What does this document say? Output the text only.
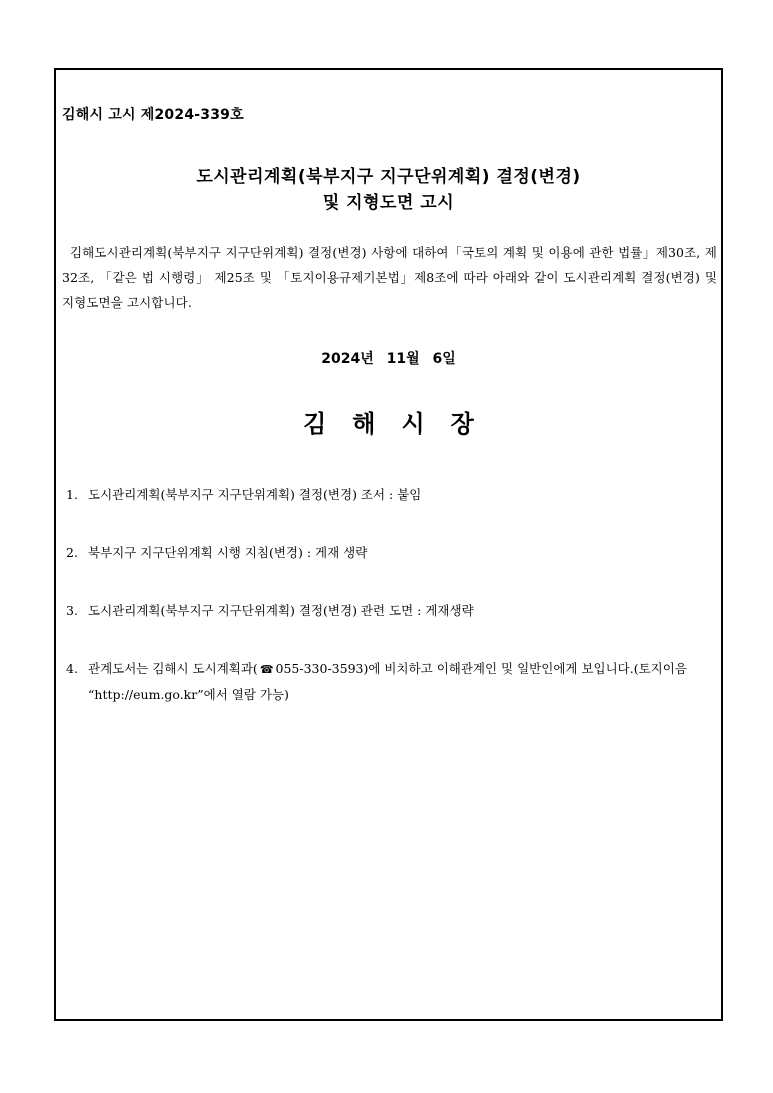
김해시 고시 제2024-339호
도시관리계획(북부지구 지구단위계획) 결정(변경)
및 지형도면 고시
김해도시관리계획(북부지구 지구단위계획) 결정(변경) 사항에 대하여「국토의 계획 및 이용에 관한 법률」제30조, 제32조, 「같은 법 시행령」 제25조 및 「토지이용규제기본법」제8조에 따라 아래와 같이 도시관리계획 결정(변경) 및 지형도면을 고시합니다.
2024년 11월 6일
김해시장
1. 도시관리계획(북부지구 지구단위계획) 결정(변경) 조서 : 붙임
2. 북부지구 지구단위계획 시행 지침(변경) : 게재 생략
3. 도시관리계획(북부지구 지구단위계획) 결정(변경) 관련 도면 : 게재생략
4. 관계도서는 김해시 도시계획과( ☎ 055-330-3593)에 비치하고 이해관계인 및 일반인에게 보입니다.(토지이음 “http://eum.go.kr”에서 열람 가능)
